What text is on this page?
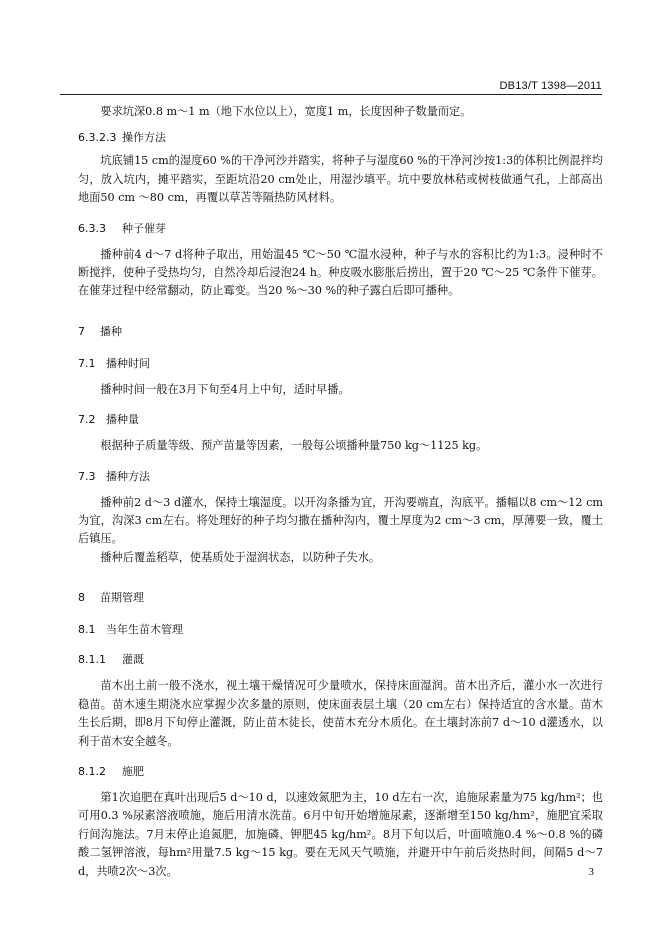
DB13/T 1398—2011
要求坑深0.8 m～1 m（地下水位以上），宽度1 m，长度因种子数量而定。
6.3.2.3 操作方法
坑底铺15 cm的湿度60 %的干净河沙并踏实，将种子与湿度60 %的干净河沙按1:3的体积比例混拌均匀，放入坑内，摊平踏实，至距坑沿20 cm处止，用湿沙填平。坑中要放林秸或树枝做通气孔，上部高出地面50 cm ～80 cm，再覆以草苫等隔热防风材料。
6.3.3 种子催芽
播种前4 d～7 d将种子取出，用始温45 ℃～50 ℃温水浸种，种子与水的容积比约为1:3。浸种时不断搅拌，使种子受热均匀，自然冷却后浸泡24 h。种皮吸水膨胀后捞出，置于20 ℃～25 ℃条件下催芽。在催芽过程中经常翻动，防止霉变。当20 %～30 %的种子露白后即可播种。
7 播种
7.1 播种时间
播种时间一般在3月下旬至4月上中旬，适时早播。
7.2 播种量
根据种子质量等级、预产苗量等因素，一般每公顷播种量750 kg～1125 kg。
7.3 播种方法
播种前2 d～3 d灌水，保持土壤湿度。以开沟条播为宜，开沟要端直，沟底平。播幅以8 cm～12 cm为宜，沟深3 cm左右。将处理好的种子均匀撒在播种沟内，覆土厚度为2 cm～3 cm，厚薄要一致，覆土后镇压。
播种后覆盖稻草，使基质处于湿润状态，以防种子失水。
8 苗期管理
8.1 当年生苗木管理
8.1.1 灌溉
苗木出土前一般不浇水，视土壤干燥情况可少量喷水，保持床面湿润。苗木出齐后，灌小水一次进行稳苗。苗木速生期浇水应掌握少次多量的原则，使床面表层土壤（20 cm左右）保持适宜的含水量。苗木生长后期，即8月下旬停止灌溉，防止苗木徒长，使苗木充分木质化。在土壤封冻前7 d～10 d灌透水，以利于苗木安全越冬。
8.1.2 施肥
第1次追肥在真叶出现后5 d～10 d，以速效氮肥为主，10 d左右一次，追施尿素量为75 kg/hm²；也可用0.3 %尿素溶液喷施，施后用清水洗苗。6月中旬开始增施尿素，逐渐增至150 kg/hm²，施肥宜采取行间沟施法。7月末停止追氮肥，加施磷、钾肥45 kg/hm²。8月下旬以后，叶面喷施0.4 %～0.8 %的磷酸二氢钾溶液，每hm²用量7.5 kg～15 kg。要在无风天气喷施，并避开中午前后炎热时间，间隔5 d～7 d，共喷2次～3次。	3
